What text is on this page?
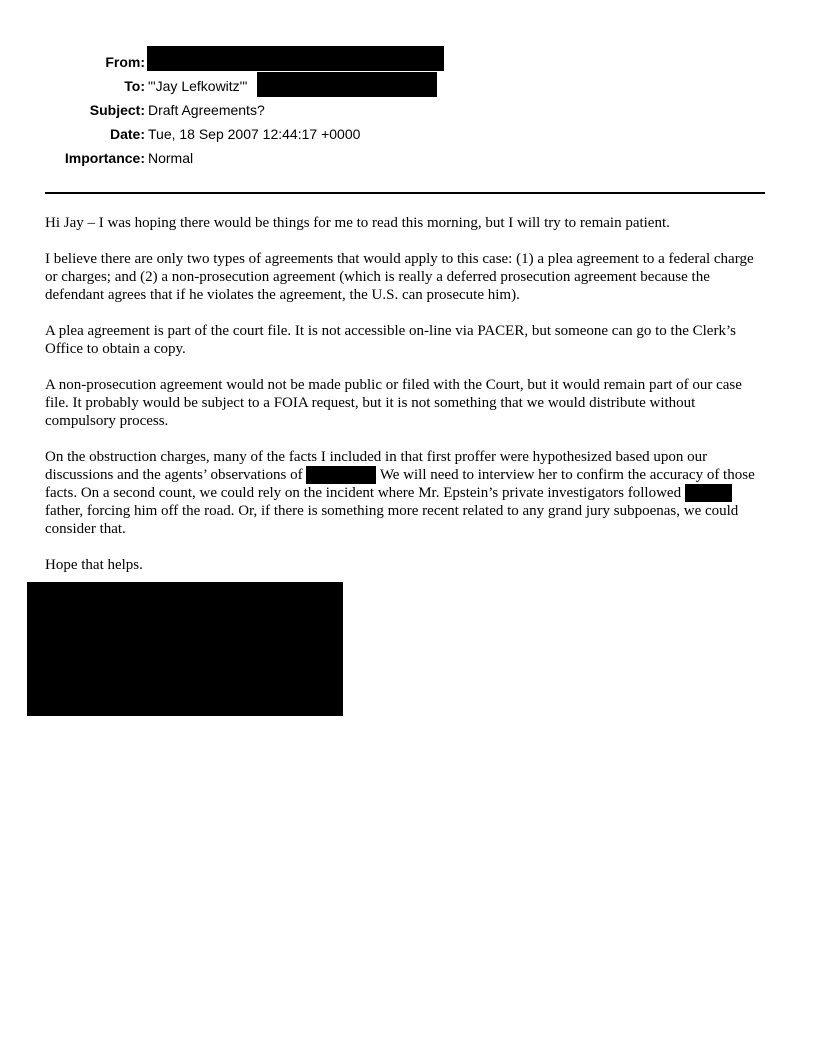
From:
To: "'Jay Lefkowitz'"
Subject: Draft Agreements?
Date: Tue, 18 Sep 2007 12:44:17 +0000
Importance: Normal

Hi Jay – I was hoping there would be things for me to read this morning, but I will try to remain patient.

I believe there are only two types of agreements that would apply to this case: (1) a plea agreement to a federal charge or charges; and (2) a non-prosecution agreement (which is really a deferred prosecution agreement because the defendant agrees that if he violates the agreement, the U.S. can prosecute him).

A plea agreement is part of the court file. It is not accessible on-line via PACER, but someone can go to the Clerk’s Office to obtain a copy.

A non-prosecution agreement would not be made public or filed with the Court, but it would remain part of our case file. It probably would be subject to a FOIA request, but it is not something that we would distribute without compulsory process.

On the obstruction charges, many of the facts I included in that first proffer were hypothesized based upon our discussions and the agents’ observations of	We will need to interview her to confirm the accuracy of those facts. On a second count, we could rely on the incident where Mr. Epstein’s private investigators followed  father, forcing him off the road. Or, if there is something more recent related to any grand jury subpoenas, we could consider that.

Hope that helps.
